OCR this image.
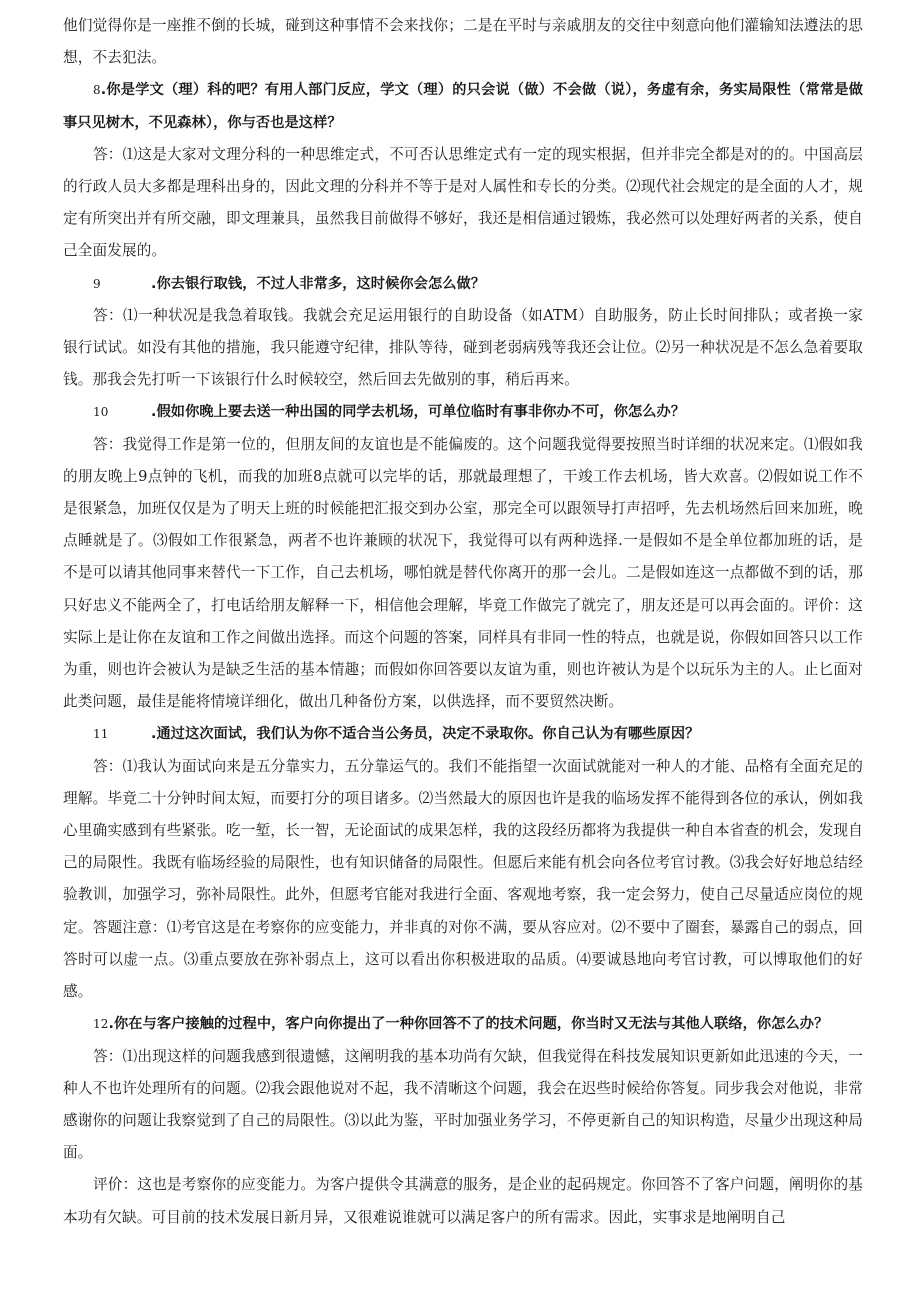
他们觉得你是一座推不倒的长城，碰到这种事情不会来找你；二是在平时与亲戚朋友的交往中刻意向他们灌输知法遵法的思想，不去犯法。
8.你是学文（理）科的吧？有用人部门反应，学文（理）的只会说（做）不会做（说），务虚有余，务实局限性（常常是做事只见树木，不见森林），你与否也是这样？
答：⑴这是大家对文理分科的一种思维定式，不可否认思维定式有一定的现实根据，但并非完全都是对的的。中国高层的行政人员大多都是理科出身的，因此文理的分科并不等于是对人属性和专长的分类。⑵现代社会规定的是全面的人才，规定有所突出并有所交融，即文理兼具，虽然我目前做得不够好，我还是相信通过锻炼，我必然可以处理好两者的关系，使自己全面发展的。
9	.你去银行取钱，不过人非常多，这时候你会怎么做？
答：⑴一种状况是我急着取钱。我就会充足运用银行的自助设备（如ATM）自助服务，防止长时间排队；或者换一家银行试试。如没有其他的措施，我只能遵守纪律，排队等待，碰到老弱病残等我还会让位。⑵另一种状况是不怎么急着要取钱。那我会先打听一下该银行什么时候较空，然后回去先做别的事，稍后再来。
10	.假如你晚上要去送一种出国的同学去机场，可单位临时有事非你办不可，你怎么办？
答：我觉得工作是第一位的，但朋友间的友谊也是不能偏废的。这个问题我觉得要按照当时详细的状况来定。⑴假如我的朋友晚上9点钟的飞机，而我的加班8点就可以完毕的话，那就最理想了，干竣工作去机场，皆大欢喜。⑵假如说工作不是很紧急，加班仅仅是为了明天上班的时候能把汇报交到办公室，那完全可以跟领导打声招呼，先去机场然后回来加班，晚点睡就是了。⑶假如工作很紧急，两者不也许兼顾的状况下，我觉得可以有两种选择.一是假如不是全单位都加班的话，是不是可以请其他同事来替代一下工作，自己去机场，哪怕就是替代你离开的那一会儿。二是假如连这一点都做不到的话，那只好忠义不能两全了，打电话给朋友解释一下，相信他会理解，毕竟工作做完了就完了，朋友还是可以再会面的。评价：这实际上是让你在友谊和工作之间做出选择。而这个问题的答案，同样具有非同一性的特点，也就是说，你假如回答只以工作为重，则也许会被认为是缺乏生活的基本情趣；而假如你回答要以友谊为重，则也许被认为是个以玩乐为主的人。止匕面对此类问题，最佳是能将情境详细化，做出几种备份方案，以供选择，而不要贸然决断。
11	.通过这次面试，我们认为你不适合当公务员，决定不录取你。你自己认为有哪些原因？
答：⑴我认为面试向来是五分靠实力，五分靠运气的。我们不能指望一次面试就能对一种人的才能、品格有全面充足的理解。毕竟二十分钟时间太短，而要打分的项目诸多。⑵当然最大的原因也许是我的临场发挥不能得到各位的承认，例如我心里确实感到有些紧张。吃一堑，长一智，无论面试的成果怎样，我的这段经历都将为我提供一种自本省查的机会，发现自己的局限性。我既有临场经验的局限性，也有知识储备的局限性。但愿后来能有机会向各位考官讨教。⑶我会好好地总结经验教训，加强学习，弥补局限性。此外，但愿考官能对我进行全面、客观地考察，我一定会努力，使自己尽量适应岗位的规定。答题注意：⑴考官这是在考察你的应变能力，并非真的对你不满，要从容应对。⑵不要中了圈套，暴露自己的弱点，回答时可以虚一点。⑶重点要放在弥补弱点上，这可以看出你积极进取的品质。⑷要诚恳地向考官讨教，可以博取他们的好感。
12.你在与客户接触的过程中，客户向你提出了一种你回答不了的技术问题，你当时又无法与其他人联络，你怎么办？
答：⑴出现这样的问题我感到很遗憾，这阐明我的基本功尚有欠缺，但我觉得在科技发展知识更新如此迅速的今天，一种人不也许处理所有的问题。⑵我会跟他说对不起，我不清晰这个问题，我会在迟些时候给你答复。同步我会对他说，非常感谢你的问题让我察觉到了自己的局限性。⑶以此为鉴，平时加强业务学习，不停更新自己的知识构造，尽量少出现这种局面。
评价：这也是考察你的应变能力。为客户提供令其满意的服务，是企业的起码规定。你回答不了客户问题，阐明你的基本功有欠缺。可目前的技术发展日新月异，又很难说谁就可以满足客户的所有需求。因此，实事求是地阐明自己
